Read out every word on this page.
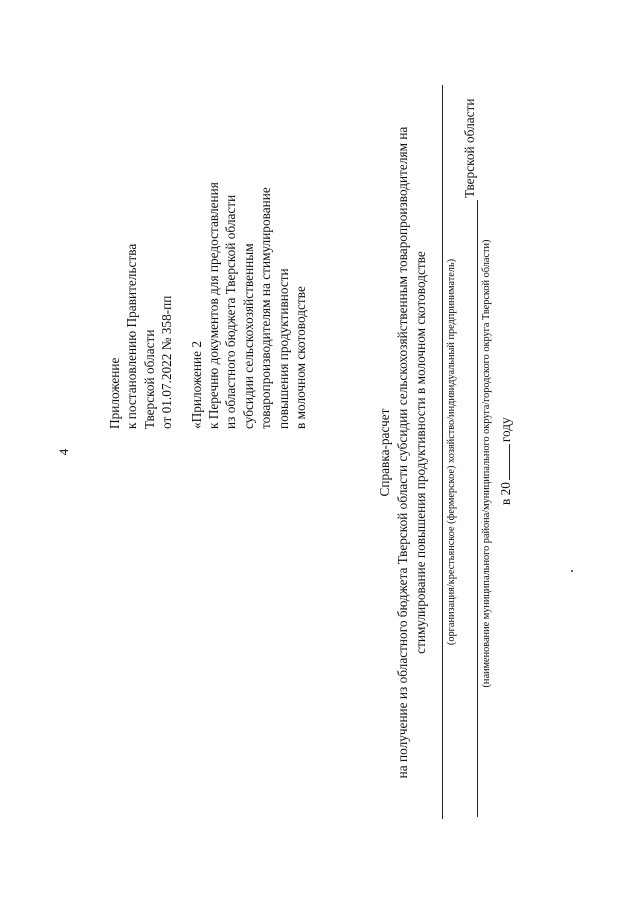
4
Приложение к постановлению Правительства Тверской области от 01.07.2022 № 358-пп «Приложение 2 к Перечню документов для предоставления из областного бюджета Тверской области субсидии сельскохозяйственным товаропроизводителям на стимулирование повышения продуктивности в молочном скотоводстве
Справка-расчет на получение из областного бюджета Тверской области субсидии сельскохозяйственным товаропроизводителям на стимулирование повышения продуктивности в молочном скотоводстве (организация/крестьянское (фермерское) хозяйство/индивидуальный предприниматель)
Тверской области
(наименование муниципального района/муниципального округа/городского округа Тверской области) в 20году
